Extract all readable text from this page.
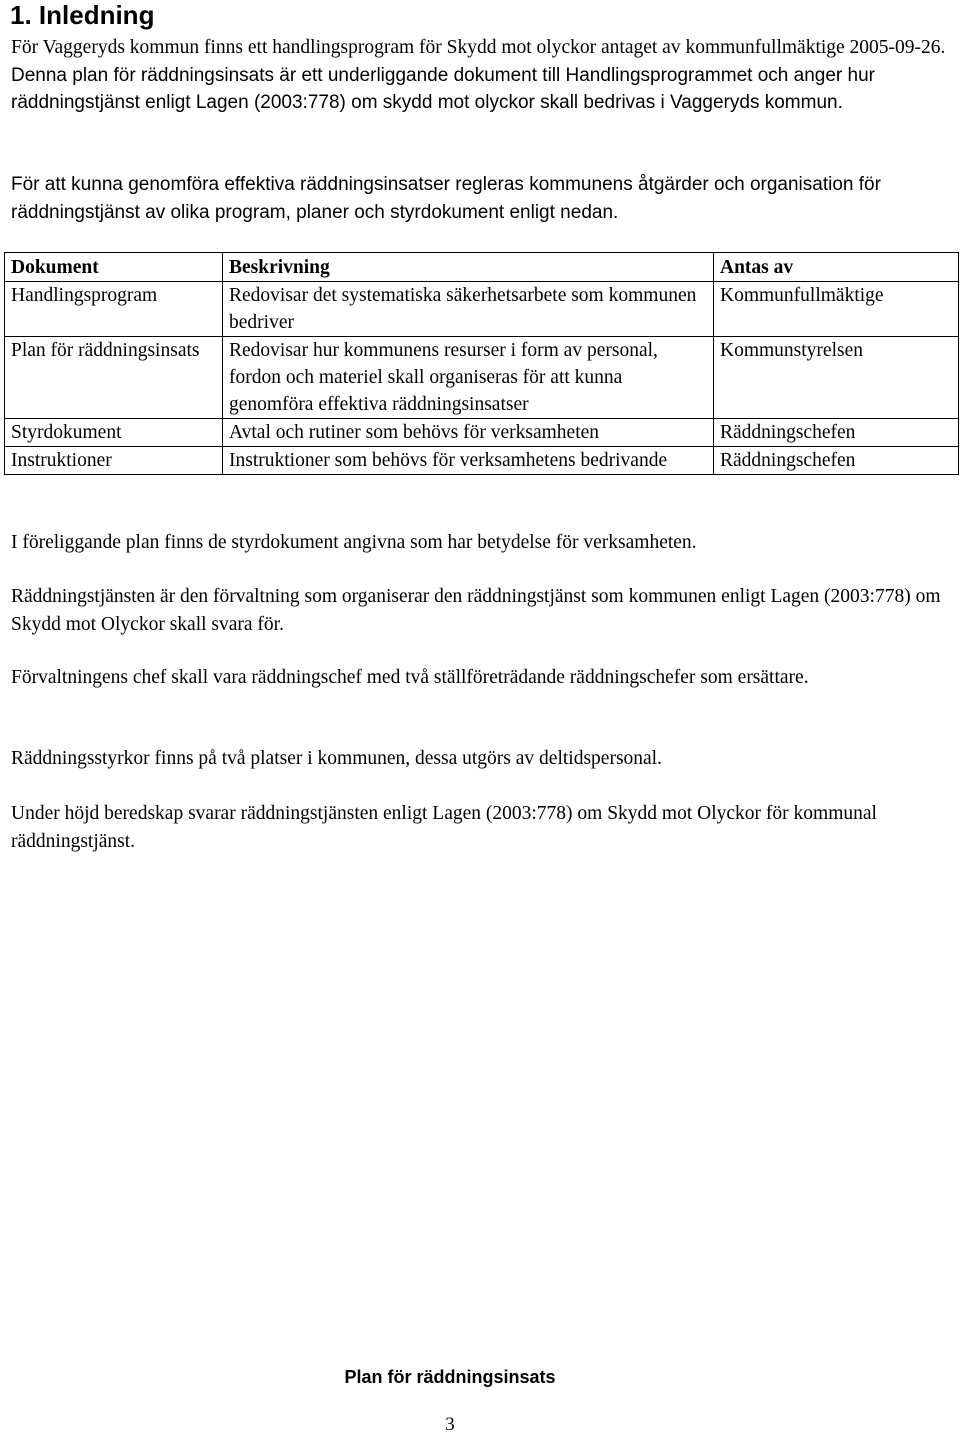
1. Inledning

För Vaggeryds kommun finns ett handlingsprogram för Skydd mot olyckor antaget av kommunfullmäktige 2005-09-26. Denna plan för räddningsinsats är ett underliggande dokument till Handlingsprogrammet och anger hur räddningstjänst enligt Lagen (2003:778) om skydd mot olyckor skall bedrivas i Vaggeryds kommun.

För att kunna genomföra effektiva räddningsinsatser regleras kommunens åtgärder och organisation för räddningstjänst av olika program, planer och styrdokument enligt nedan.

Dokument	Beskrivning	Antas av
Handlingsprogram	Redovisar det systematiska säkerhetsarbete som kommunen bedriver	Kommunfullmäktige
Plan för räddningsinsats	Redovisar hur kommunens resurser i form av personal, fordon och materiel skall organiseras för att kunna genomföra effektiva räddningsinsatser	Kommunstyrelsen
Styrdokument	Avtal och rutiner som behövs för verksamheten	Räddningschefen
Instruktioner	Instruktioner som behövs för verksamhetens bedrivande	Räddningschefen

I föreliggande plan finns de styrdokument angivna som har betydelse för verksamheten.

Räddningstjänsten är den förvaltning som organiserar den räddningstjänst som kommunen enligt Lagen (2003:778) om Skydd mot Olyckor skall svara för.

Förvaltningens chef skall vara räddningschef med två ställföreträdande räddningschefer som ersättare.

Räddningsstyrkor finns på två platser i kommunen, dessa utgörs av deltidspersonal.

Under höjd beredskap svarar räddningstjänsten enligt Lagen (2003:778) om Skydd mot Olyckor för kommunal räddningstjänst.

Plan för räddningsinsats
3
